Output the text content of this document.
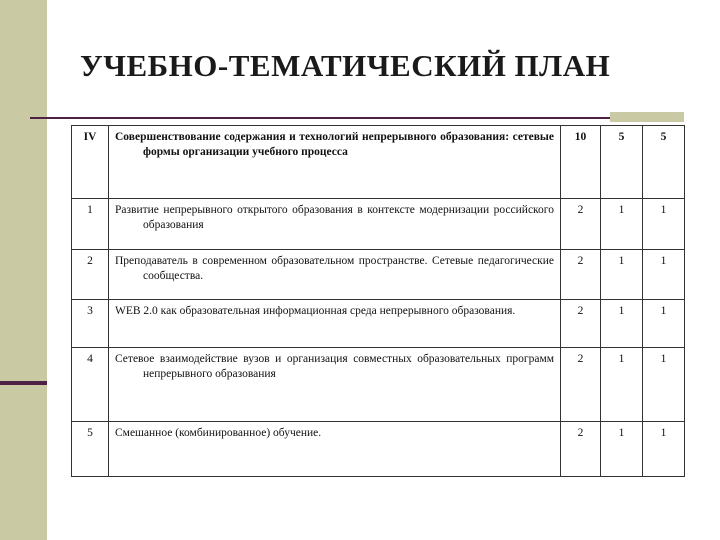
УЧЕБНО-ТЕМАТИЧЕСКИЙ ПЛАН
IV	Совершенствование содержания и технологий непрерывного образования: сетевые формы организации учебного процесса	10	5	5
1	Развитие непрерывного открытого образования в контексте модернизации российского образования	2	1	1
2	Преподаватель в современном образовательном пространстве. Сетевые педагогические сообщества.	2	1	1
3	WEB 2.0 как образовательная информационная среда непрерывного образования.	2	1	1
4	Сетевое взаимодействие вузов и организация совместных образовательных программ непрерывного образования	2	1	1
5	Смешанное (комбинированное) обучение.	2	1	1
